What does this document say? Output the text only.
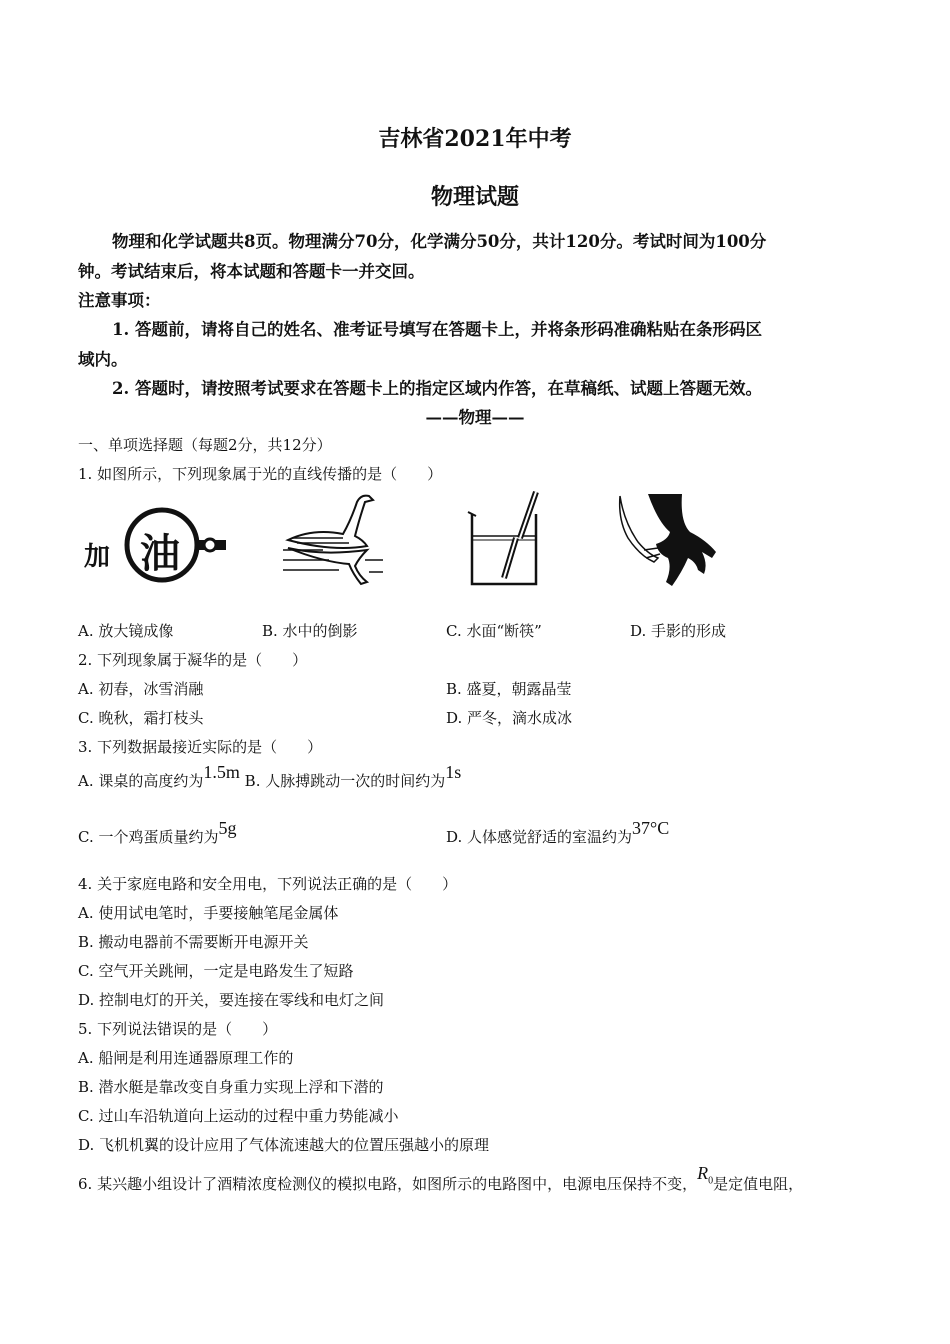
吉林省2021年中考
物理试题
物理和化学试题共8页。物理满分70分，化学满分50分，共计120分。考试时间为100分
钟。考试结束后，将本试题和答题卡一并交回。
注意事项：
1. 答题前，请将自己的姓名、准考证号填写在答题卡上，并将条形码准确粘贴在条形码区
域内。
2. 答题时，请按照考试要求在答题卡上的指定区域内作答，在草稿纸、试题上答题无效。
——物理——
一、单项选择题（每题2分，共12分）
1. 如图所示，下列现象属于光的直线传播的是（　　）
加 油
A. 放大镜成像	B. 水中的倒影	C. 水面“断筷”	D. 手影的形成
2. 下列现象属于凝华的是（　　）
A. 初春，冰雪消融	B. 盛夏，朝露晶莹
C. 晚秋，霜打枝头	D. 严冬，滴水成冰
3. 下列数据最接近实际的是（　　）
A. 课桌的高度约为1.5m B. 人脉搏跳动一次的时间约为1s
C. 一个鸡蛋质量约为5g	D. 人体感觉舒适的室温约为37°C
4. 关于家庭电路和安全用电，下列说法正确的是（　　）
A. 使用试电笔时，手要接触笔尾金属体
B. 搬动电器前不需要断开电源开关
C. 空气开关跳闸，一定是电路发生了短路
D. 控制电灯的开关，要连接在零线和电灯之间
5. 下列说法错误的是（　　）
A. 船闸是利用连通器原理工作的
B. 潜水艇是靠改变自身重力实现上浮和下潜的
C. 过山车沿轨道向上运动的过程中重力势能减小
D. 飞机机翼的设计应用了气体流速越大的位置压强越小的原理
6. 某兴趣小组设计了酒精浓度检测仪的模拟电路，如图所示的电路图中，电源电压保持不变，$R_0$是定值电阻，
